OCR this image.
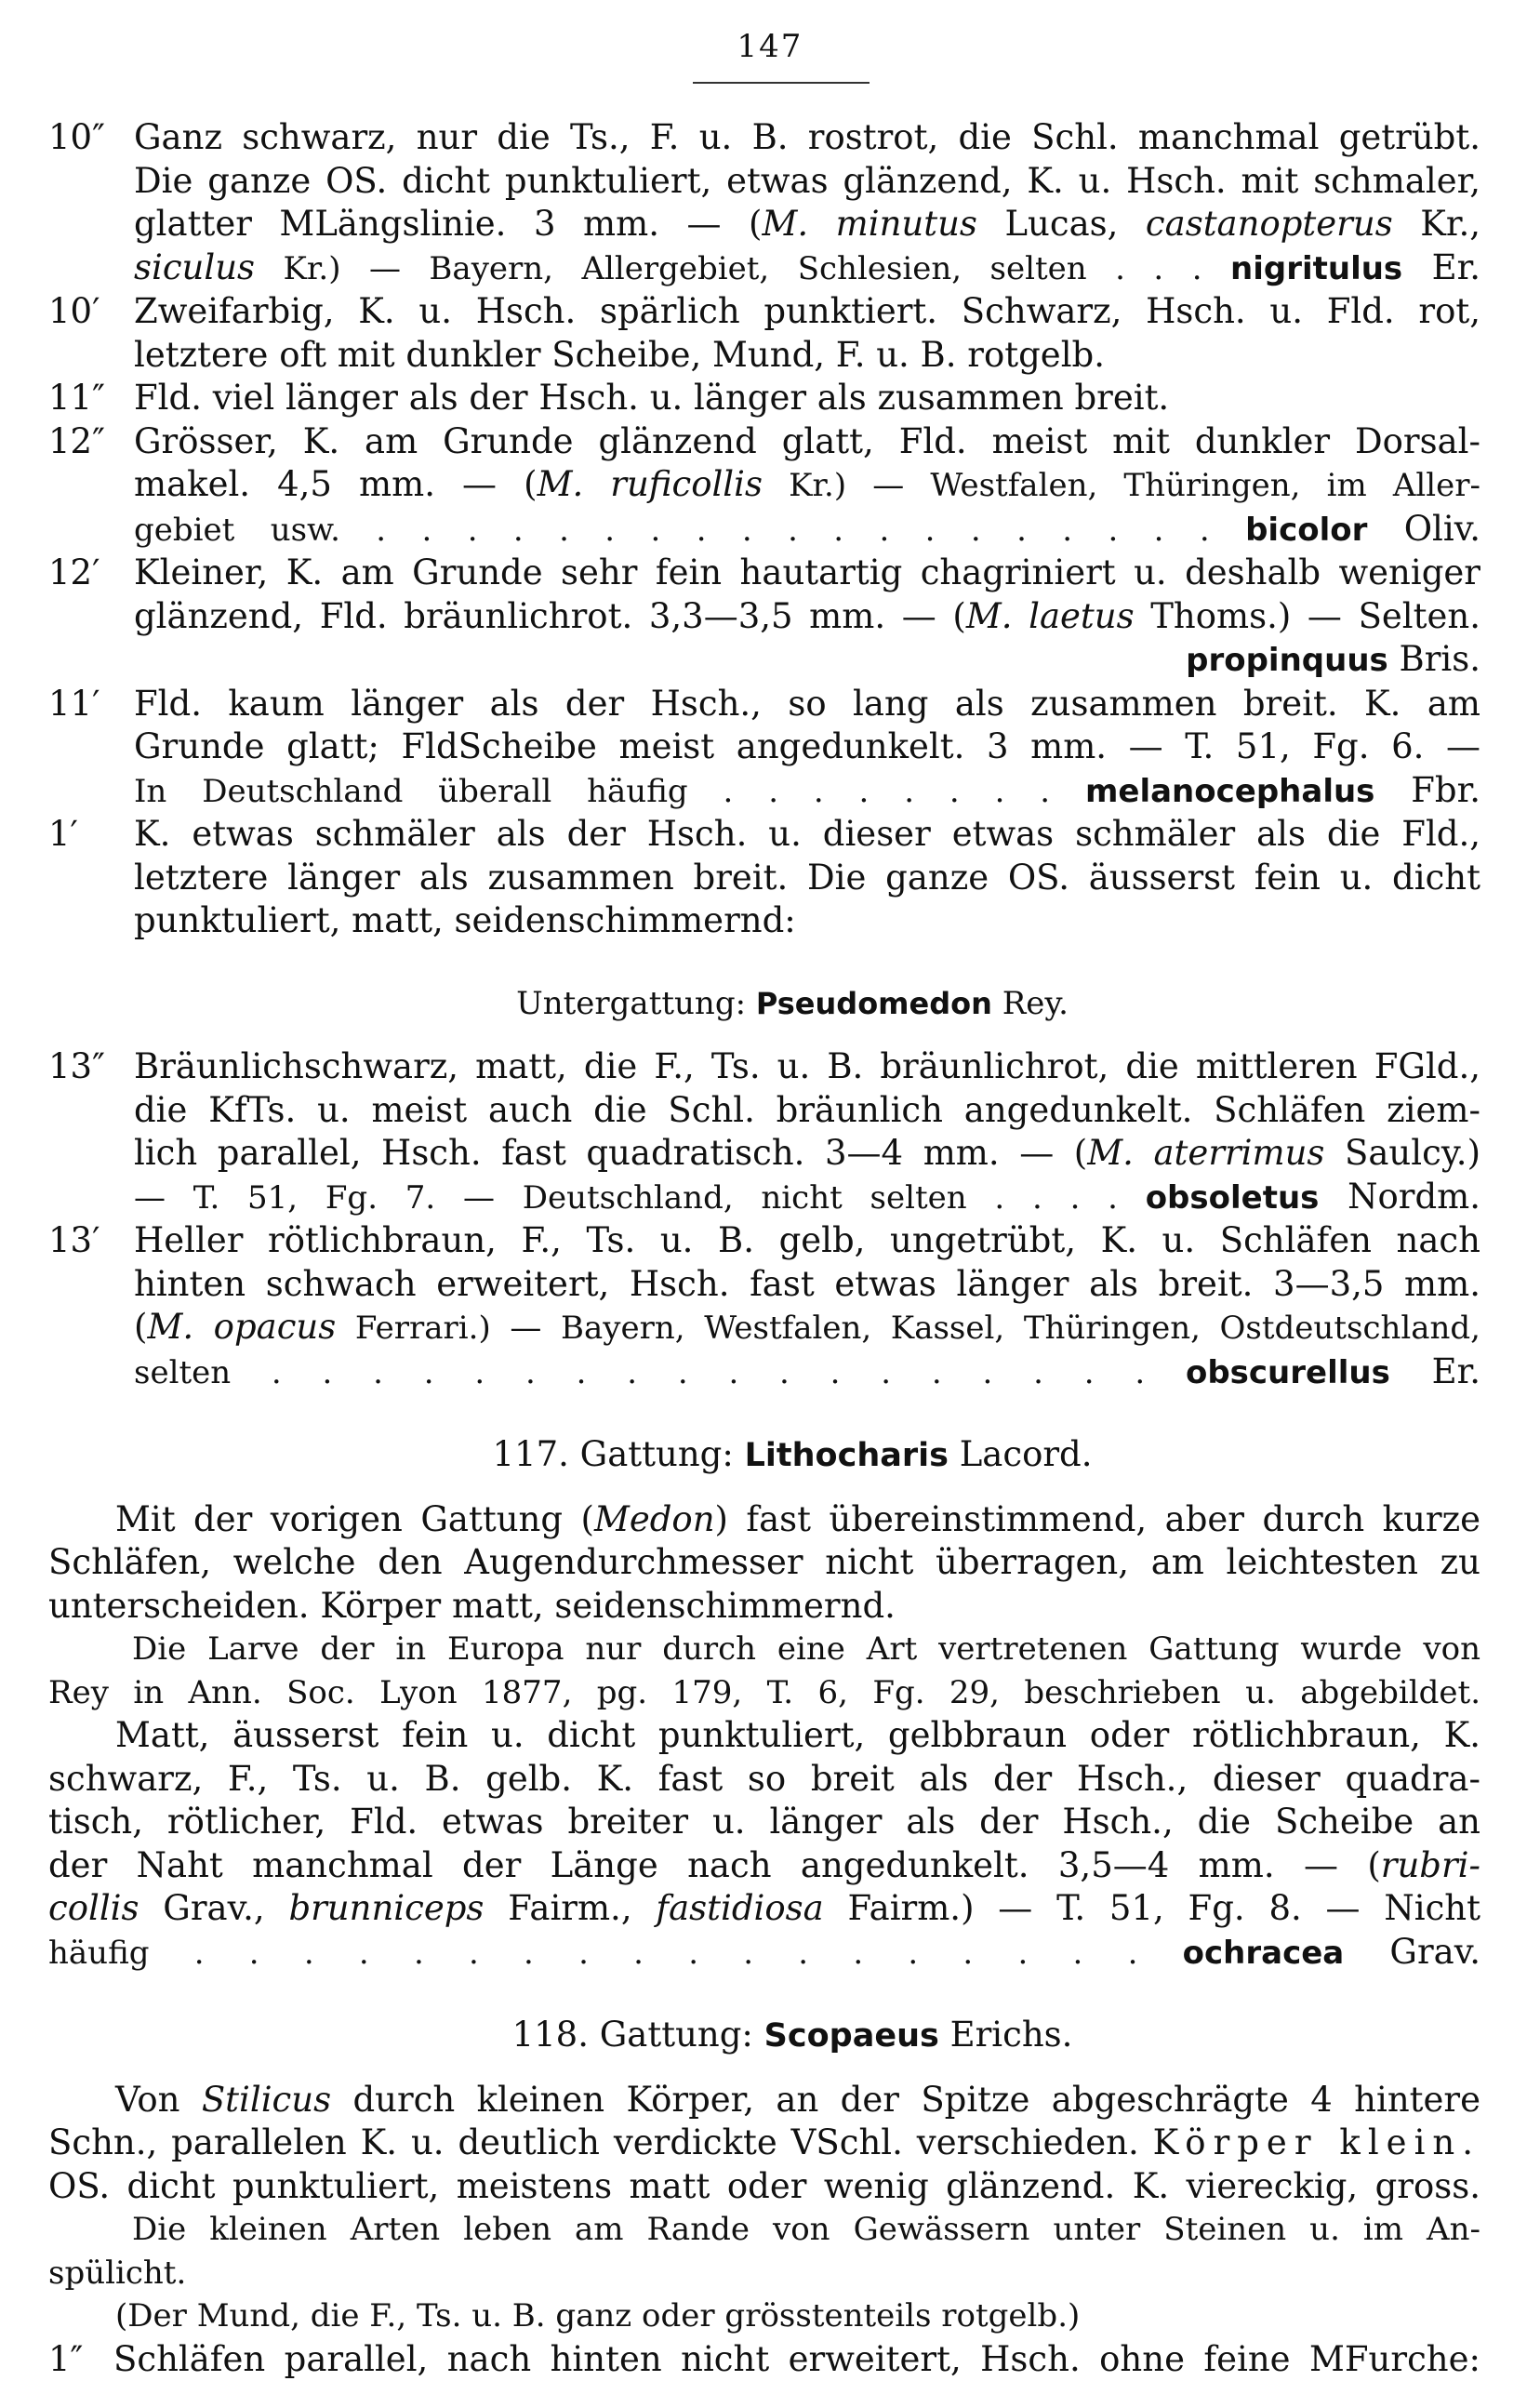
147
10″ Ganz schwarz, nur die Ts., F. u. B. rostrot, die Schl. manchmal getrübt.
Die ganze OS. dicht punktuliert, etwas glänzend, K. u. Hsch. mit schmaler,
glatter MLängslinie. 3 mm. — (M. minutus Lucas, castanopterus Kr.,
siculus Kr.) — Bayern, Allergebiet, Schlesien, selten . . . nigritulus Er.
10′ Zweifarbig, K. u. Hsch. spärlich punktiert. Schwarz, Hsch. u. Fld. rot,
letztere oft mit dunkler Scheibe, Mund, F. u. B. rotgelb.
11″ Fld. viel länger als der Hsch. u. länger als zusammen breit.
12″ Grösser, K. am Grunde glänzend glatt, Fld. meist mit dunkler Dorsal-
makel. 4,5 mm. — (M. ruficollis Kr.) — Westfalen, Thüringen, im Aller-
gebiet usw. . . . . . . . . . . . . . . . . . . . bicolor Oliv.
12′ Kleiner, K. am Grunde sehr fein hautartig chagriniert u. deshalb weniger
glänzend, Fld. bräunlichrot. 3,3—3,5 mm. — (M. laetus Thoms.) — Selten.
propinquus Bris.
11′ Fld. kaum länger als der Hsch., so lang als zusammen breit. K. am
Grunde glatt; FldScheibe meist angedunkelt. 3 mm. — T. 51, Fg. 6. —
In Deutschland überall häufig . . . . . . . . melanocephalus Fbr.
1′	K. etwas schmäler als der Hsch. u. dieser etwas schmäler als die Fld.,
letztere länger als zusammen breit. Die ganze OS. äusserst fein u. dicht
punktuliert, matt, seidenschimmernd:
Untergattung: Pseudomedon Rey.
13″ Bräunlichschwarz, matt, die F., Ts. u. B. bräunlichrot, die mittleren FGld.,
die KfTs. u. meist auch die Schl. bräunlich angedunkelt. Schläfen ziem-
lich parallel, Hsch. fast quadratisch. 3—4 mm. — (M. aterrimus Saulcy.)
— T. 51, Fg. 7. — Deutschland, nicht selten . . . . obsoletus Nordm.
13′ Heller rötlichbraun, F., Ts. u. B. gelb, ungetrübt, K. u. Schläfen nach
hinten schwach erweitert, Hsch. fast etwas länger als breit. 3—3,5 mm.
(M. opacus Ferrari.) — Bayern, Westfalen, Kassel, Thüringen, Ostdeutschland,
selten . . . . . . . . . . . . . . . . . . obscurellus Er.
117. Gattung: Lithocharis Lacord.
Mit der vorigen Gattung (Medon) fast übereinstimmend, aber durch kurze
Schläfen, welche den Augendurchmesser nicht überragen, am leichtesten zu
unterscheiden. Körper matt, seidenschimmernd.
Die Larve der in Europa nur durch eine Art vertretenen Gattung wurde von
Rey in Ann. Soc. Lyon 1877, pg. 179, T. 6, Fg. 29, beschrieben u. abgebildet.
Matt, äusserst fein u. dicht punktuliert, gelbbraun oder rötlichbraun, K.
schwarz, F., Ts. u. B. gelb. K. fast so breit als der Hsch., dieser quadra-
tisch, rötlicher, Fld. etwas breiter u. länger als der Hsch., die Scheibe an
der Naht manchmal der Länge nach angedunkelt. 3,5—4 mm. — (rubri-
collis Grav., brunniceps Fairm., fastidiosa Fairm.) — T. 51, Fg. 8. — Nicht
häufig . . . . . . . . . . . . . . . . . . ochracea Grav.
118. Gattung: Scopaeus Erichs.
Von Stilicus durch kleinen Körper, an der Spitze abgeschrägte 4 hintere
Schn., parallelen K. u. deutlich verdickte VSchl. verschieden. Körper klein.
OS. dicht punktuliert, meistens matt oder wenig glänzend. K. viereckig, gross.
Die kleinen Arten leben am Rande von Gewässern unter Steinen u. im An-
spülicht.
(Der Mund, die F., Ts. u. B. ganz oder grösstenteils rotgelb.)
1″ Schläfen parallel, nach hinten nicht erweitert, Hsch. ohne feine MFurche:
